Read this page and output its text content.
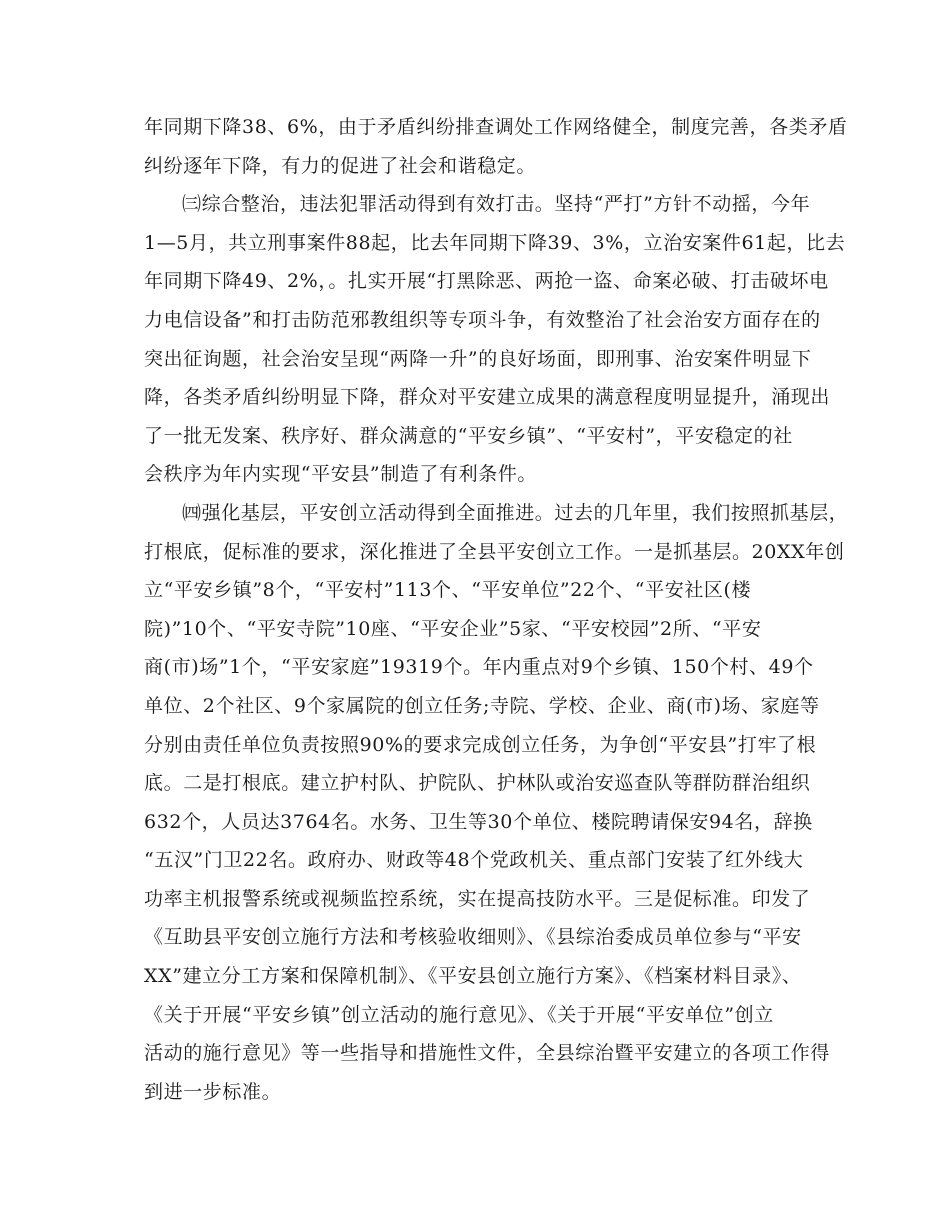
年同期下降38、6%，由于矛盾纠纷排查调处工作网络健全，制度完善，各类矛盾
纠纷逐年下降，有力的促进了社会和谐稳定。
㈢综合整治，违法犯罪活动得到有效打击。坚持“严打”方针不动摇，今年
1—5月，共立刑事案件88起，比去年同期下降39、3%，立治安案件61起，比去
年同期下降49、2%，。扎实开展“打黑除恶、两抢一盗、命案必破、打击破坏电
力电信设备”和打击防范邪教组织等专项斗争，有效整治了社会治安方面存在的
突出征询题，社会治安呈现“两降一升”的良好场面，即刑事、治安案件明显下
降，各类矛盾纠纷明显下降，群众对平安建立成果的满意程度明显提升，涌现出
了一批无发案、秩序好、群众满意的“平安乡镇”、“平安村”，平安稳定的社
会秩序为年内实现“平安县”制造了有利条件。
㈣强化基层，平安创立活动得到全面推进。过去的几年里，我们按照抓基层，
打根底，促标准的要求，深化推进了全县平安创立工作。一是抓基层。20XX年创
立“平安乡镇”8个，“平安村”113个、“平安单位”22个、“平安社区(楼
院)”10个、“平安寺院”10座、“平安企业”5家、“平安校园”2所、“平安
商(市)场”1个，“平安家庭”19319个。年内重点对9个乡镇、150个村、49个
单位、2个社区、9个家属院的创立任务;寺院、学校、企业、商(市)场、家庭等
分别由责任单位负责按照90%的要求完成创立任务，为争创“平安县”打牢了根
底。二是打根底。建立护村队、护院队、护林队或治安巡查队等群防群治组织
632个，人员达3764名。水务、卫生等30个单位、楼院聘请保安94名，辞换
“五汉”门卫22名。政府办、财政等48个党政机关、重点部门安装了红外线大
功率主机报警系统或视频监控系统，实在提高技防水平。三是促标准。印发了
《互助县平安创立施行方法和考核验收细则》、《县综治委成员单位参与“平安
XX”建立分工方案和保障机制》、《平安县创立施行方案》、《档案材料目录》、
《关于开展“平安乡镇”创立活动的施行意见》、《关于开展“平安单位”创立
活动的施行意见》等一些指导和措施性文件，全县综治暨平安建立的各项工作得
到进一步标准。
